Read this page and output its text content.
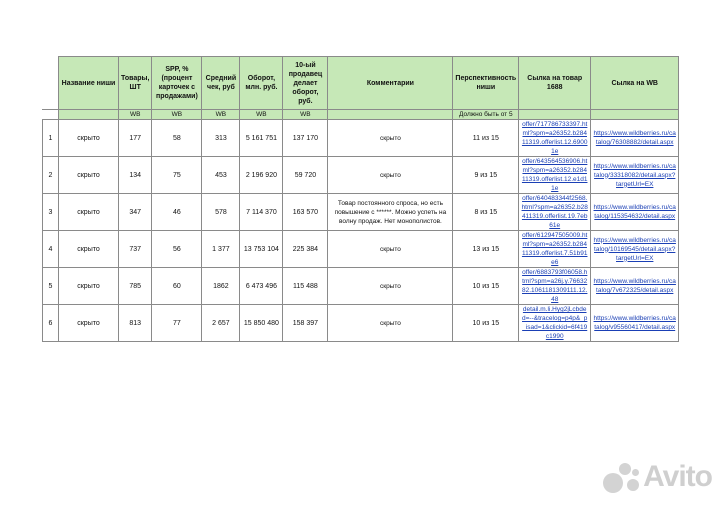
	Название ниши	Товары, ШТ	SPP, % (процент карточек с продажами)	Средний чек, руб	Оборот, млн. руб.	10-ый продавец делает оборот, руб.	Комментарии	Перспективность ниши	Сылка на товар 1688	Сылка на WB
		WB	WB	WB	WB	WB		Должно быть от 5		
1	скрыто	177	58	313	5 161 751	137 170	скрыто	11 из 15	offer/717786733397.html?spm=a26352.b28411319.offerlist.12.69001e	https://www.wildberries.ru/catalog/76308882/detail.aspx
2	скрыто	134	75	453	2 196 920	59 720	скрыто	9 из 15	offer/643564536906.html?spm=a26352.b28411319.offerlist.12.e1d11e	https://www.wildberries.ru/catalog/33318082/detail.aspx?targetUrl=EX
3	скрыто	347	46	578	7 114 370	163 570	Товар постоянного спроса, но есть повышение с ******. Можно успеть на волну продаж. Нет монополистов.	8 из 15	offer/640483344f2568.html?spm=a26352.b28411319.offerlist.19.7eb61e	https://www.wildberries.ru/catalog/115354632/detail.aspx
4	скрыто	737	56	1 377	13 753 104	225 384	скрыто	13 из 15	offer/612947505009.html?spm=a26352.b28411319.offerlist.7.51b91e6	https://www.wildberries.ru/catalog/10169545/detail.aspx?targetUrl=EX
5	скрыто	785	60	1862	6 473 496	115 488	скрыто	10 из 15	offer/6883793f06058.html?spm=a26j.y.7663282.1061181309111.12.48	https://www.wildberries.ru/catalog/7v672325/detail.aspx
6	скрыто	813	77	2 657	15 850 480	158 397	скрыто	10 из 15	detail.m.li.Hyg2jLcbded=--&tracelog=p4p&_p_isad=1&clickid=6f419c1990	https://www.wildberries.ru/catalog/v95560417/detail.aspx
Avito
